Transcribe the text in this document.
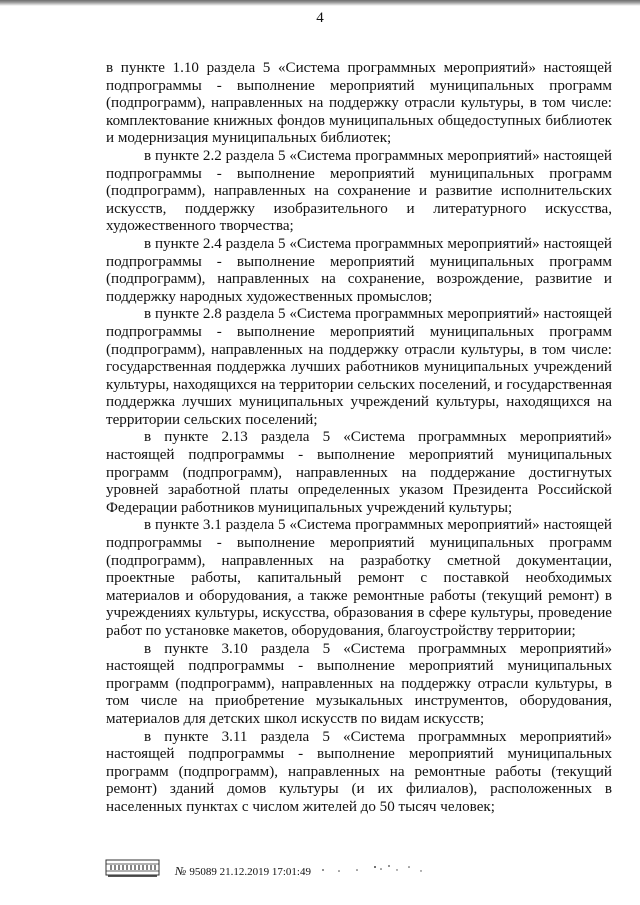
4

в пункте 1.10 раздела 5 «Система программных мероприятий» настоящей подпрограммы - выполнение мероприятий муниципальных программ (подпрограмм), направленных на поддержку отрасли культуры, в том числе: комплектование книжных фондов муниципальных общедоступных библиотек и модернизация муниципальных библиотек;

в пункте 2.2 раздела 5 «Система программных мероприятий» настоящей подпрограммы - выполнение мероприятий муниципальных программ (подпрограмм), направленных на сохранение и развитие исполнительских искусств, поддержку изобразительного и литературного искусства, художественного творчества;

в пункте 2.4 раздела 5 «Система программных мероприятий» настоящей подпрограммы - выполнение мероприятий муниципальных программ (подпрограмм), направленных на сохранение, возрождение, развитие и поддержку народных художественных промыслов;

в пункте 2.8 раздела 5 «Система программных мероприятий» настоящей подпрограммы - выполнение мероприятий муниципальных программ (подпрограмм), направленных на поддержку отрасли культуры, в том числе: государственная поддержка лучших работников муниципальных учреждений культуры, находящихся на территории сельских поселений, и государственная поддержка лучших муниципальных учреждений культуры, находящихся на территории сельских поселений;

в пункте 2.13 раздела 5 «Система программных мероприятий» настоящей подпрограммы - выполнение мероприятий муниципальных программ (подпрограмм), направленных на поддержание достигнутых уровней заработной платы определенных указом Президента Российской Федерации работников муниципальных учреждений культуры;

в пункте 3.1 раздела 5 «Система программных мероприятий» настоящей подпрограммы - выполнение мероприятий муниципальных программ (подпрограмм), направленных на разработку сметной документации, проектные работы, капитальный ремонт с поставкой необходимых материалов и оборудования, а также ремонтные работы (текущий ремонт) в учреждениях культуры, искусства, образования в сфере культуры, проведение работ по установке макетов, оборудования, благоустройству территории;

в пункте 3.10 раздела 5 «Система программных мероприятий» настоящей подпрограммы - выполнение мероприятий муниципальных программ (подпрограмм), направленных на поддержку отрасли культуры, в том числе на приобретение музыкальных инструментов, оборудования, материалов для детских школ искусств по видам искусств;

в пункте 3.11 раздела 5 «Система программных мероприятий» настоящей подпрограммы - выполнение мероприятий муниципальных программ (подпрограмм), направленных на ремонтные работы (текущий ремонт) зданий домов культуры (и их филиалов), расположенных в населенных пунктах с числом жителей до 50 тысяч человек;

№ 95089 21.12.2019 17:01:49
